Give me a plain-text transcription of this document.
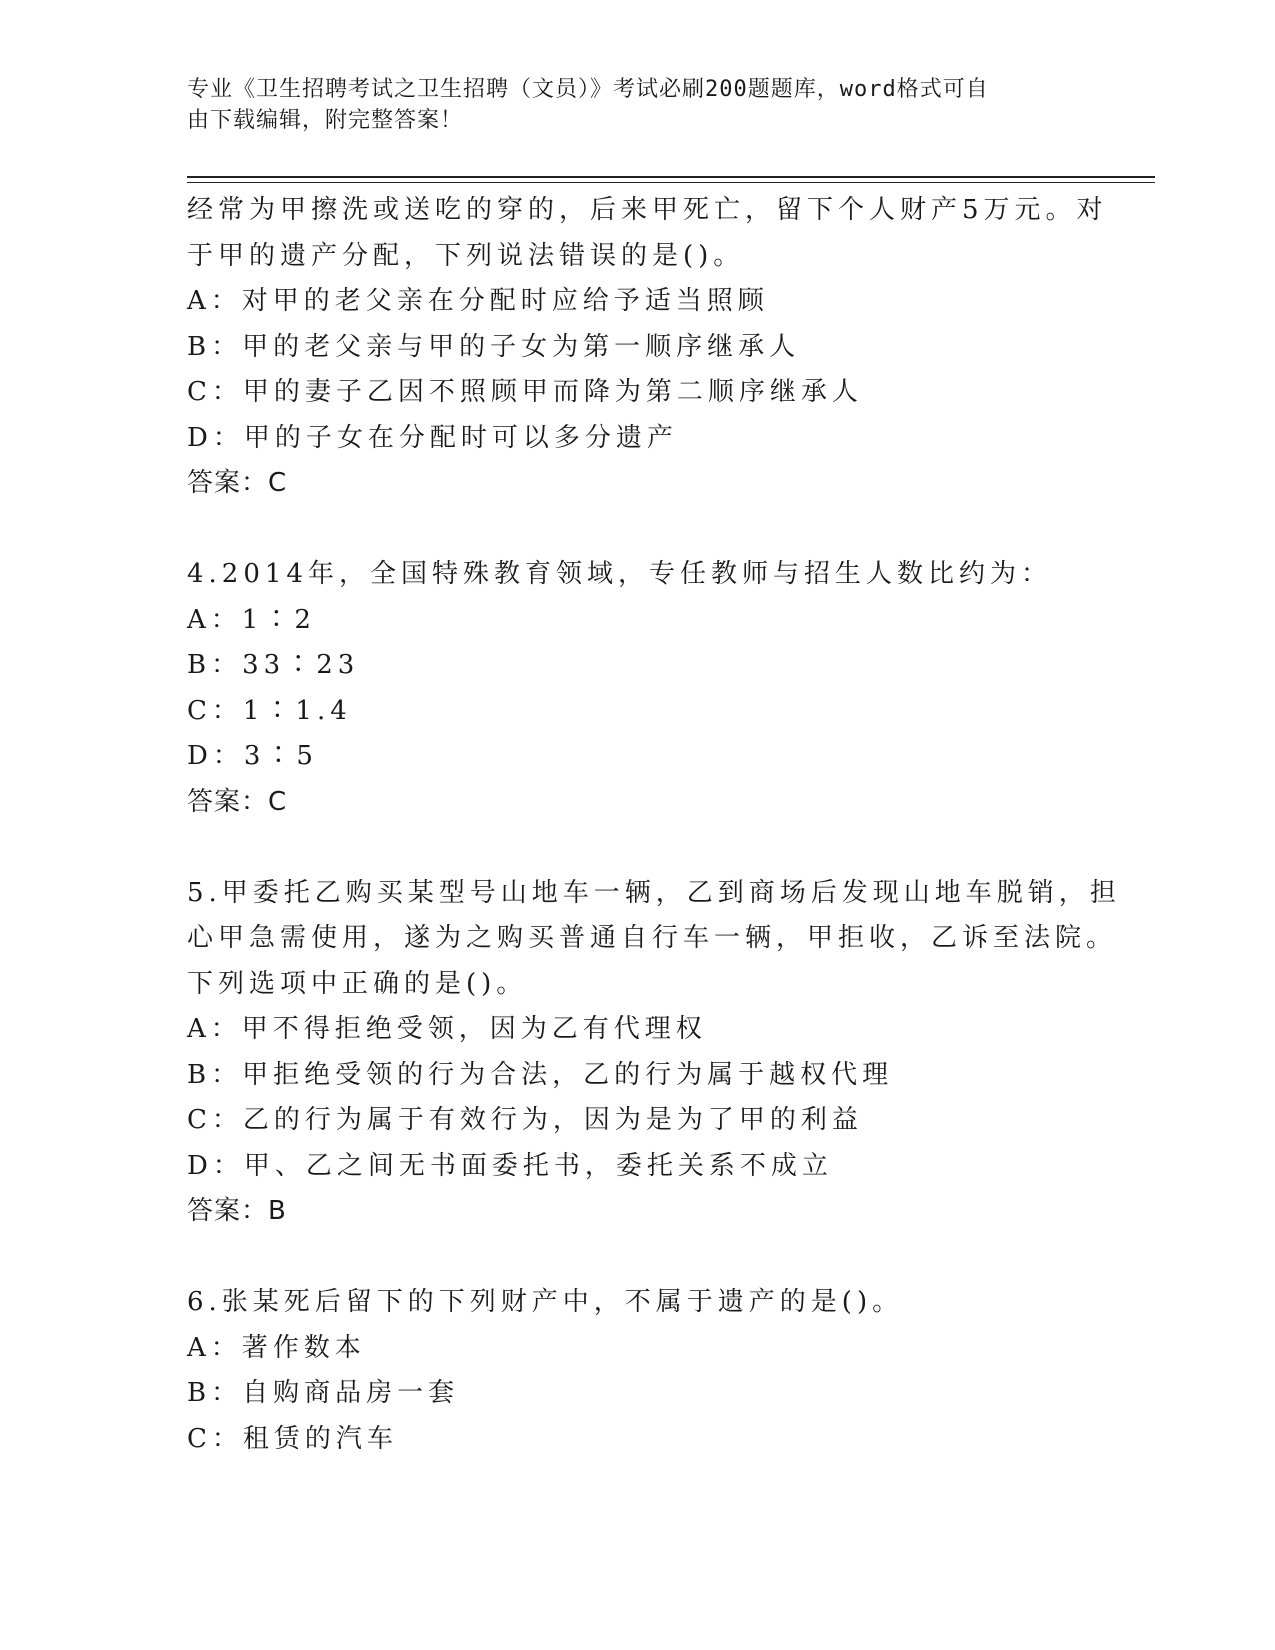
专业《卫生招聘考试之卫生招聘（文员）》考试必刷200题题库，word格式可自
由下载编辑，附完整答案！
经常为甲擦洗或送吃的穿的，后来甲死亡，留下个人财产5万元。对
于甲的遗产分配，下列说法错误的是()。
A：对甲的老父亲在分配时应给予适当照顾
B：甲的老父亲与甲的子女为第一顺序继承人
C：甲的妻子乙因不照顾甲而降为第二顺序继承人
D：甲的子女在分配时可以多分遗产
答案：C
4.2014年，全国特殊教育领域，专任教师与招生人数比约为：
A：1∶2
B：33∶23
C：1∶1.4
D：3∶5
答案：C
5.甲委托乙购买某型号山地车一辆，乙到商场后发现山地车脱销，担
心甲急需使用，遂为之购买普通自行车一辆，甲拒收，乙诉至法院。
下列选项中正确的是()。
A：甲不得拒绝受领，因为乙有代理权
B：甲拒绝受领的行为合法，乙的行为属于越权代理
C：乙的行为属于有效行为，因为是为了甲的利益
D：甲、乙之间无书面委托书，委托关系不成立
答案：B
6.张某死后留下的下列财产中，不属于遗产的是()。
A：著作数本
B：自购商品房一套
C：租赁的汽车
